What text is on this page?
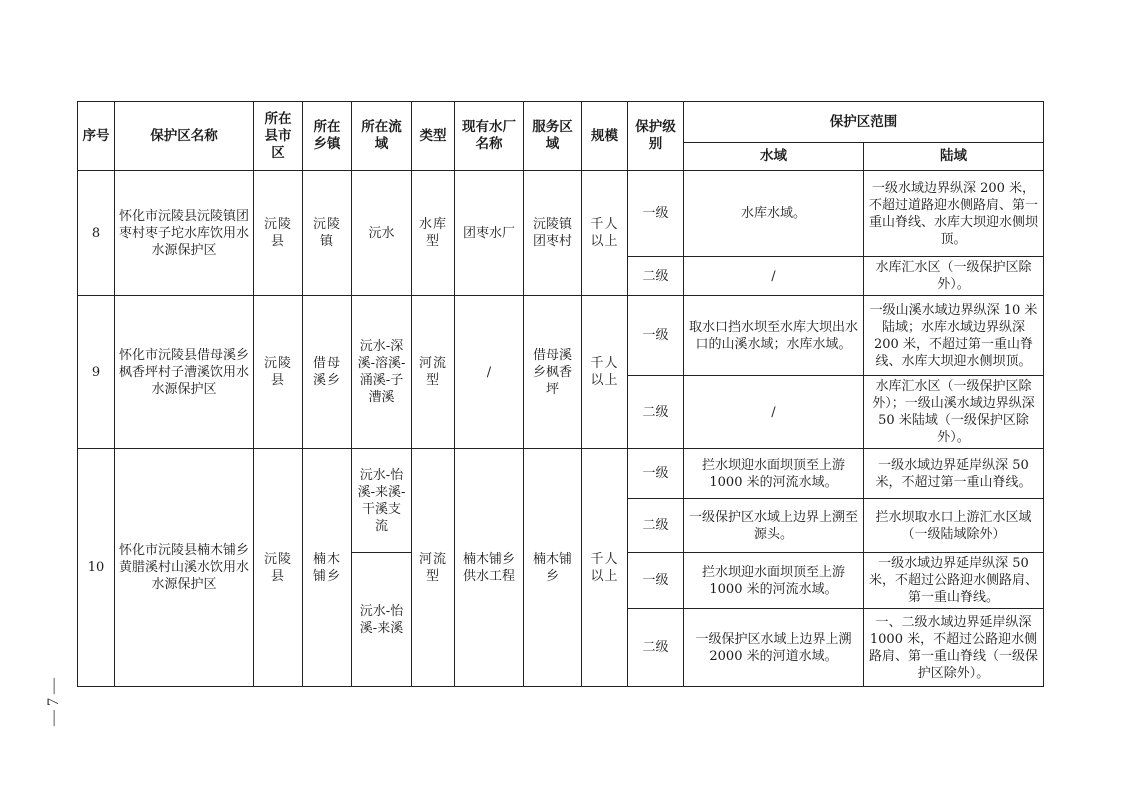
— 7 —
序号	保护区名称	所在县市区	所在乡镇	所在流域	类型	现有水厂名称	服务区域	规模	保护级别	保护区范围	
										水域	陆域
8	怀化市沅陵县沅陵镇团枣村枣子坨水库饮用水水源保护区	沅陵县	沅陵镇	沅水	水库型	团枣水厂	沅陵镇团枣村	千人以上	一级	水库水域。	一级水域边界纵深 200 米，不超过道路迎水侧路肩、第一重山脊线、水库大坝迎水侧坝顶。
									二级	/	水库汇水区（一级保护区除外）。
9	怀化市沅陵县借母溪乡枫香坪村子漕溪饮用水水源保护区	沅陵县	借母溪乡	沅水-深溪-溶溪-涌溪-子漕溪	河流型	/	借母溪乡枫香坪	千人以上	一级	取水口挡水坝至水库大坝出水口的山溪水域；水库水域。	一级山溪水域边界纵深 10 米陆域；水库水域边界纵深 200 米，不超过第一重山脊线、水库大坝迎水侧坝顶。
									二级	/	水库汇水区（一级保护区除外）；一级山溪水域边界纵深 50 米陆域（一级保护区除外）。
10	怀化市沅陵县楠木铺乡黄腊溪村山溪水饮用水水源保护区	沅陵县	楠木铺乡	沅水-怡溪-来溪-干溪支流	河流型	楠木铺乡供水工程	楠木铺乡	千人以上	一级	拦水坝迎水面坝顶至上游 1000 米的河流水域。	一级水域边界延岸纵深 50 米，不超过第一重山脊线。
									二级	一级保护区水域上边界上溯至源头。	拦水坝取水口上游汇水区域（一级陆域除外）
				沅水-怡溪-来溪					一级	拦水坝迎水面坝顶至上游 1000 米的河流水域。	一级水域边界延岸纵深 50 米，不超过公路迎水侧路肩、第一重山脊线。
									二级	一级保护区水域上边界上溯 2000 米的河道水域。	一、二级水域边界延岸纵深 1000 米，不超过公路迎水侧路肩、第一重山脊线（一级保护区除外）。
